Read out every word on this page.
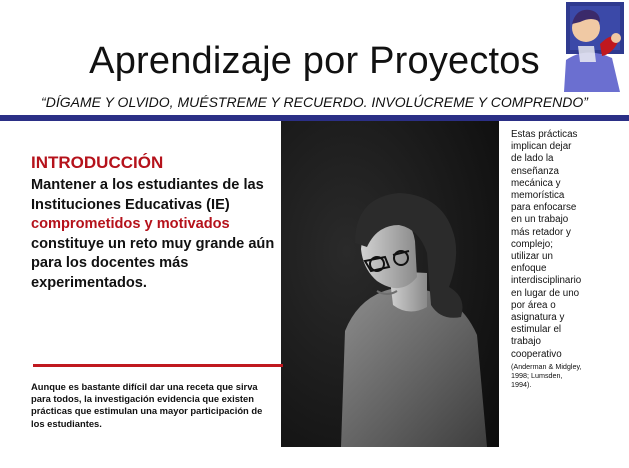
Aprendizaje por Proyectos
“DÍGAME Y OLVIDO, MUÉSTREME Y RECUERDO. INVOLÚCREME Y COMPRENDO”
INTRODUCCIÓN
Mantener a los estudiantes de las Instituciones Educativas (IE) comprometidos y motivados constituye un reto muy grande aún para los docentes más experimentados.
Aunque es bastante difícil dar una receta que sirva para todos, la investigación evidencia que existen prácticas que estimulan una mayor participación de los estudiantes.
Estas prácticas implican dejar de lado la enseñanza mecánica y memorística para enfocarse en un trabajo más retador y complejo; utilizar un enfoque interdisciplinario en lugar de uno por área o asignatura y estimular el trabajo cooperativo
(Anderman & Midgley, 1998; Lumsden, 1994).
